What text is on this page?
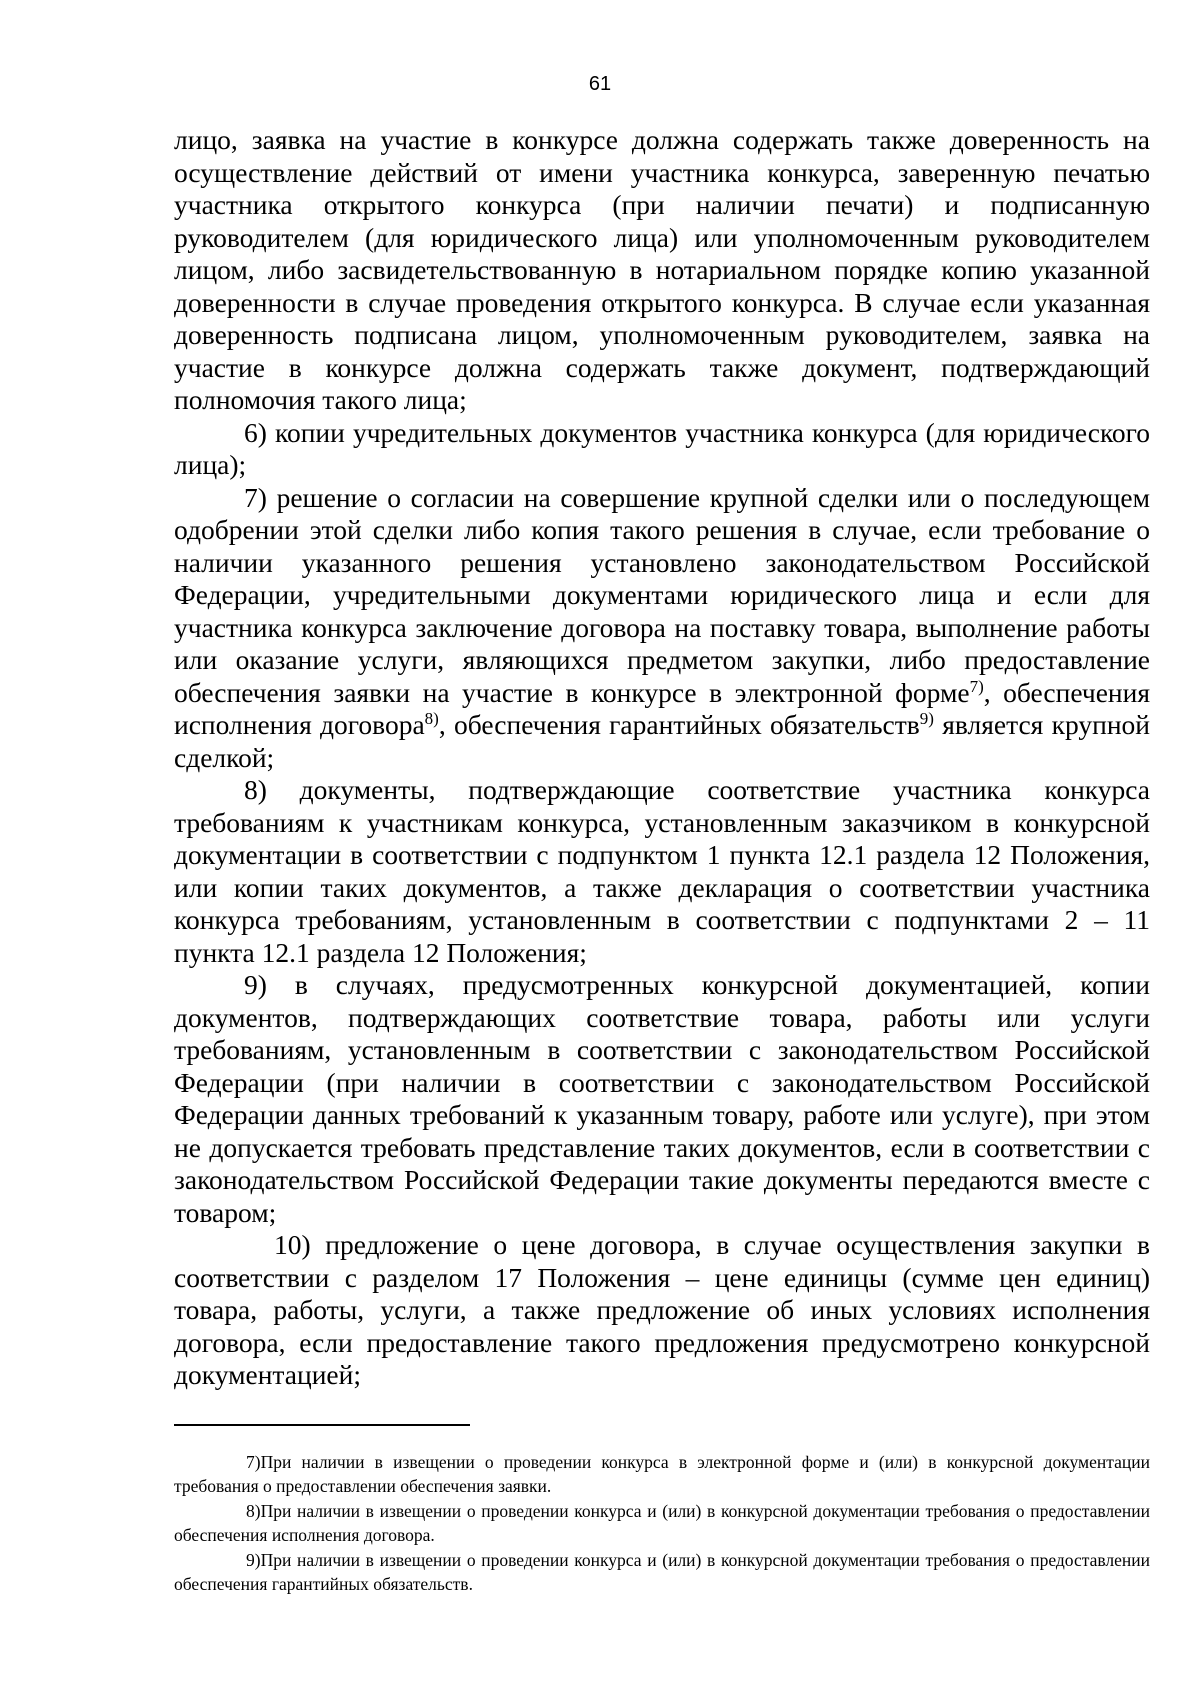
61

лицо, заявка на участие в конкурсе должна содержать также доверенность на осуществление действий от имени участника конкурса, заверенную печатью участника открытого конкурса (при наличии печати) и подписанную руководителем (для юридического лица) или уполномоченным руководителем лицом, либо засвидетельствованную в нотариальном порядке копию указанной доверенности в случае проведения открытого конкурса. В случае если указанная доверенность подписана лицом, уполномоченным руководителем, заявка на участие в конкурсе должна содержать также документ, подтверждающий полномочия такого лица;

6) копии учредительных документов участника конкурса (для юридического лица);

7) решение о согласии на совершение крупной сделки или о последующем одобрении этой сделки либо копия такого решения в случае, если требование о наличии указанного решения установлено законодательством Российской Федерации, учредительными документами юридического лица и если для участника конкурса заключение договора на поставку товара, выполнение работы или оказание услуги, являющихся предметом закупки, либо предоставление обеспечения заявки на участие в конкурсе в электронной форме$^{7)}$, обеспечения исполнения договора$^{8)}$, обеспечения гарантийных обязательств$^{9)}$ является крупной сделкой;

8) документы, подтверждающие соответствие участника конкурса требованиям к участникам конкурса, установленным заказчиком в конкурсной документации в соответствии с подпунктом 1 пункта 12.1 раздела 12 Положения, или копии таких документов, а также декларация о соответствии участника конкурса требованиям, установленным в соответствии с подпунктами 2 – 11 пункта 12.1 раздела 12 Положения;

9) в случаях, предусмотренных конкурсной документацией, копии документов, подтверждающих соответствие товара, работы или услуги требованиям, установленным в соответствии с законодательством Российской Федерации (при наличии в соответствии с законодательством Российской Федерации данных требований к указанным товару, работе или услуге), при этом не допускается требовать представление таких документов, если в соответствии с законодательством Российской Федерации такие документы передаются вместе с товаром;

10) предложение о цене договора, в случае осуществления закупки в соответствии с разделом 17 Положения – цене единицы (сумме цен единиц) товара, работы, услуги, а также предложение об иных условиях исполнения договора, если предоставление такого предложения предусмотрено конкурсной документацией;

7)При наличии в извещении о проведении конкурса в электронной форме и (или) в конкурсной документации требования о предоставлении обеспечения заявки.

8)При наличии в извещении о проведении конкурса и (или) в конкурсной документации требования о предоставлении обеспечения исполнения договора.

9)При наличии в извещении о проведении конкурса и (или) в конкурсной документации требования о предоставлении обеспечения гарантийных обязательств.
